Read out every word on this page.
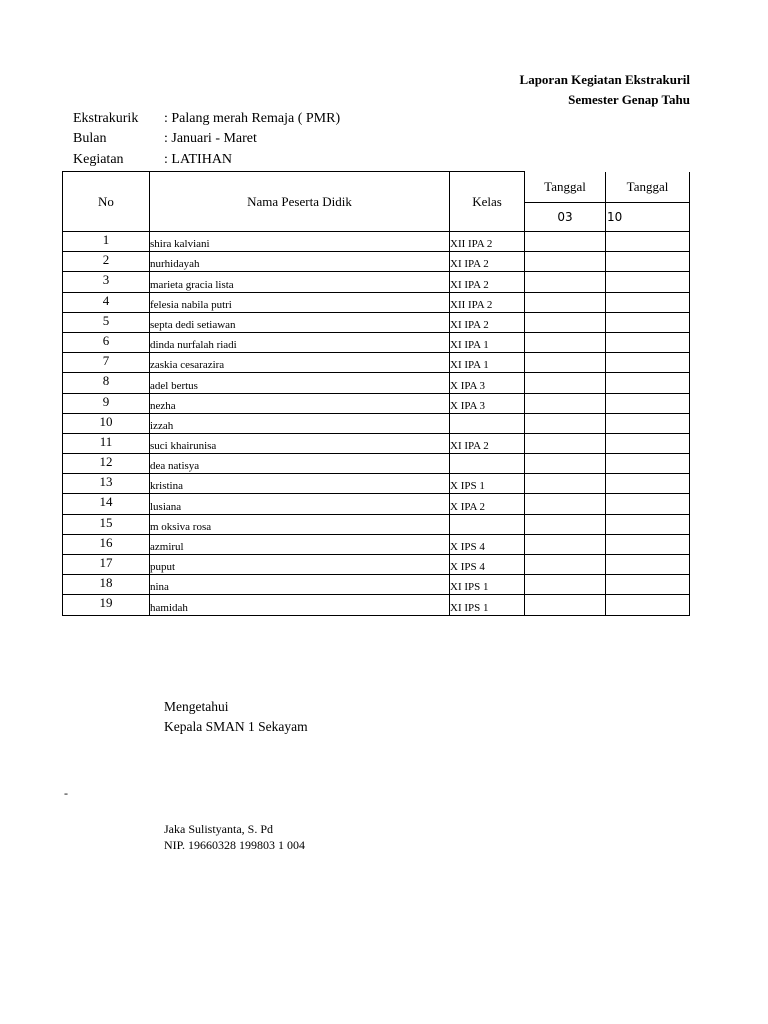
Laporan Kegiatan Ekstrakuril
Semester Genap Tahu
Ekstrakurik : Palang merah Remaja ( PMR)
Bulan	: Januari - Maret
Kegiatan	: LATIHAN
No	Nama Peserta Didik	Kelas	Tanggal	Tanggal
			03	10
1	shira kalviani	XII IPA 2		
2	nurhidayah	XI IPA 2		
3	marieta gracia lista	XI IPA 2		
4	felesia nabila putri	XII IPA 2		
5	septa dedi setiawan	XI IPA 2		
6	dinda nurfalah riadi	XI IPA 1		
7	zaskia cesarazira	XI IPA 1		
8	adel bertus	X IPA 3		
9	nezha	X IPA 3		
10	izzah			
11	suci khairunisa	XI IPA 2		
12	dea natisya			
13	kristina	X IPS 1		
14	lusiana	X IPA 2		
15	m oksiva rosa			
16	azmirul	X IPS 4		
17	puput	X IPS 4		
18	nina	XI IPS 1		
19	hamidah	XI IPS 1		
Mengetahui
Kepala SMAN 1 Sekayam
-
Jaka Sulistyanta, S. Pd
NIP. 19660328 199803 1 004
